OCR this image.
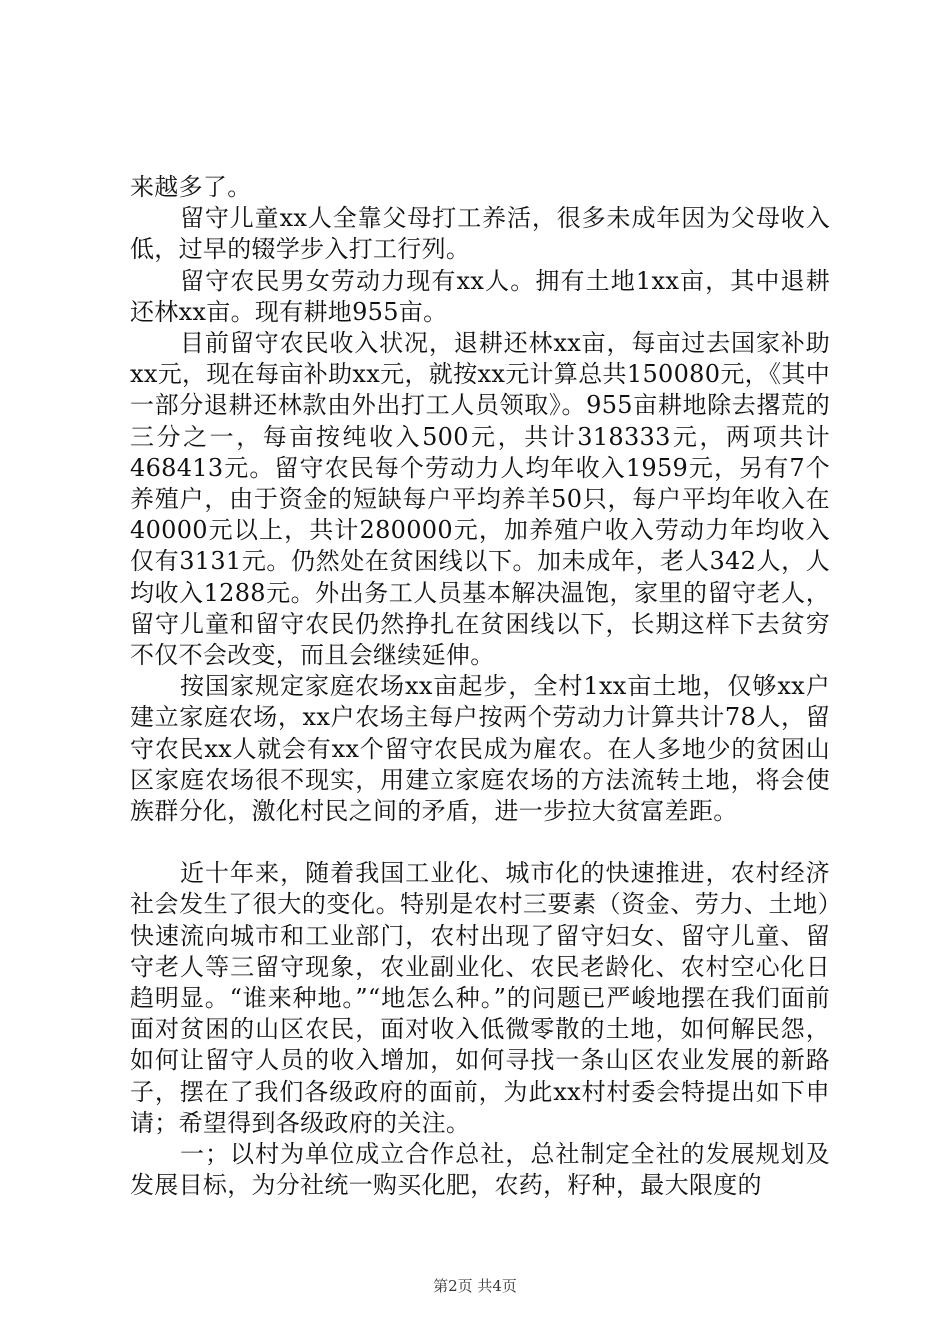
来越多了。

留守儿童xx人全靠父母打工养活，很多未成年因为父母收入低，过早的辍学步入打工行列。

留守农民男女劳动力现有xx人。拥有土地1xx亩，其中退耕还林xx亩。现有耕地955亩。

目前留守农民收入状况，退耕还林xx亩，每亩过去国家补助xx元，现在每亩补助xx元，就按xx元计算总共150080元，《其中一部分退耕还林款由外出打工人员领取》。955亩耕地除去撂荒的三分之一，每亩按纯收入500元，共计318333元，两项共计468413元。留守农民每个劳动力人均年收入1959元，另有7个养殖户，由于资金的短缺每户平均养羊50只，每户平均年收入在40000元以上，共计280000元，加养殖户收入劳动力年均收入仅有3131元。仍然处在贫困线以下。加未成年，老人342人，人均收入1288元。外出务工人员基本解决温饱，家里的留守老人，留守儿童和留守农民仍然挣扎在贫困线以下，长期这样下去贫穷不仅不会改变，而且会继续延伸。

按国家规定家庭农场xx亩起步，全村1xx亩土地，仅够xx户建立家庭农场，xx户农场主每户按两个劳动力计算共计78人，留守农民xx人就会有xx个留守农民成为雇农。在人多地少的贫困山区家庭农场很不现实，用建立家庭农场的方法流转土地，将会使族群分化，激化村民之间的矛盾，进一步拉大贫富差距。

近十年来，随着我国工业化、城市化的快速推进，农村经济社会发生了很大的变化。特别是农村三要素（资金、劳力、土地）快速流向城市和工业部门，农村出现了留守妇女、留守儿童、留守老人等三留守现象，农业副业化、农民老龄化、农村空心化日趋明显。“谁来种地。”“地怎么种。”的问题已严峻地摆在我们面前面对贫困的山区农民，面对收入低微零散的土地，如何解民怨，如何让留守人员的收入增加，如何寻找一条山区农业发展的新路子，摆在了我们各级政府的面前，为此xx村村委会特提出如下申请；希望得到各级政府的关注。

一；以村为单位成立合作总社，总社制定全社的发展规划及发展目标，为分社统一购买化肥，农药，籽种，最大限度的

第2页 共4页
